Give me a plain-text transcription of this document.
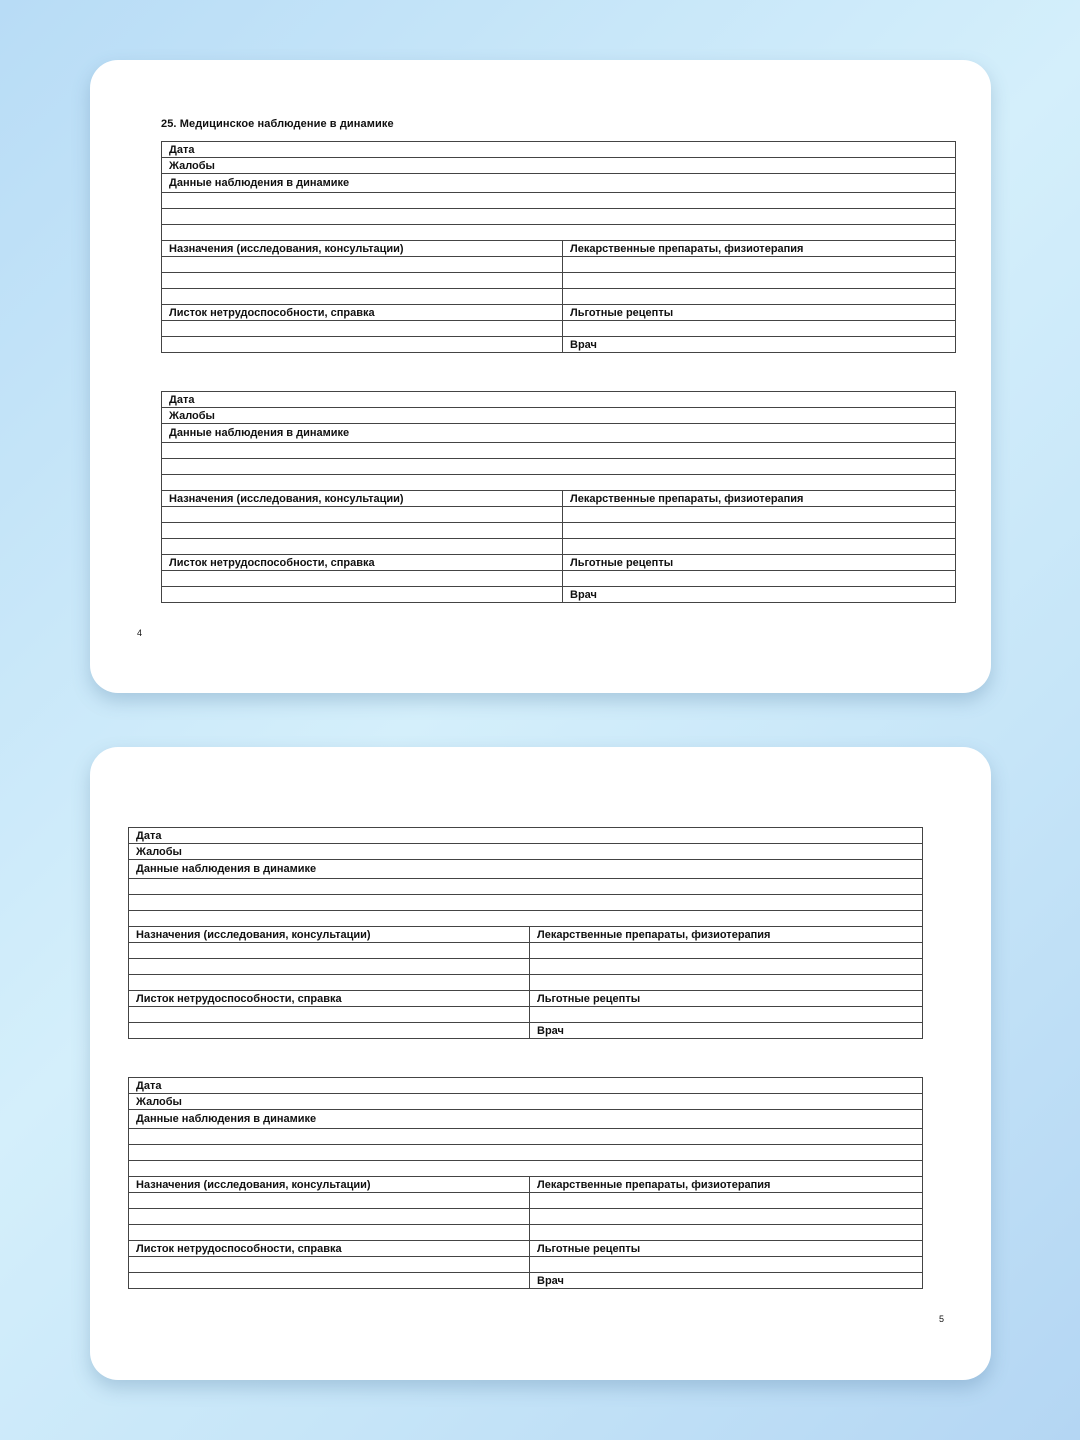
25. Медицинское наблюдение в динамике
Дата	
Жалобы	
Данные наблюдения в динамике	

Назначения (исследования, консультации)	Лекарственные препараты, физиотерапия

Листок нетрудоспособности, справка	Льготные рецепты

	Врач
Дата	
Жалобы	
Данные наблюдения в динамике	

Назначения (исследования, консультации)	Лекарственные препараты, физиотерапия

Листок нетрудоспособности, справка	Льготные рецепты

	Врач
4
Дата	
Жалобы	
Данные наблюдения в динамике	

Назначения (исследования, консультации)	Лекарственные препараты, физиотерапия

Листок нетрудоспособности, справка	Льготные рецепты

	Врач
Дата	
Жалобы	
Данные наблюдения в динамике	

Назначения (исследования, консультации)	Лекарственные препараты, физиотерапия

Листок нетрудоспособности, справка	Льготные рецепты

	Врач
5
